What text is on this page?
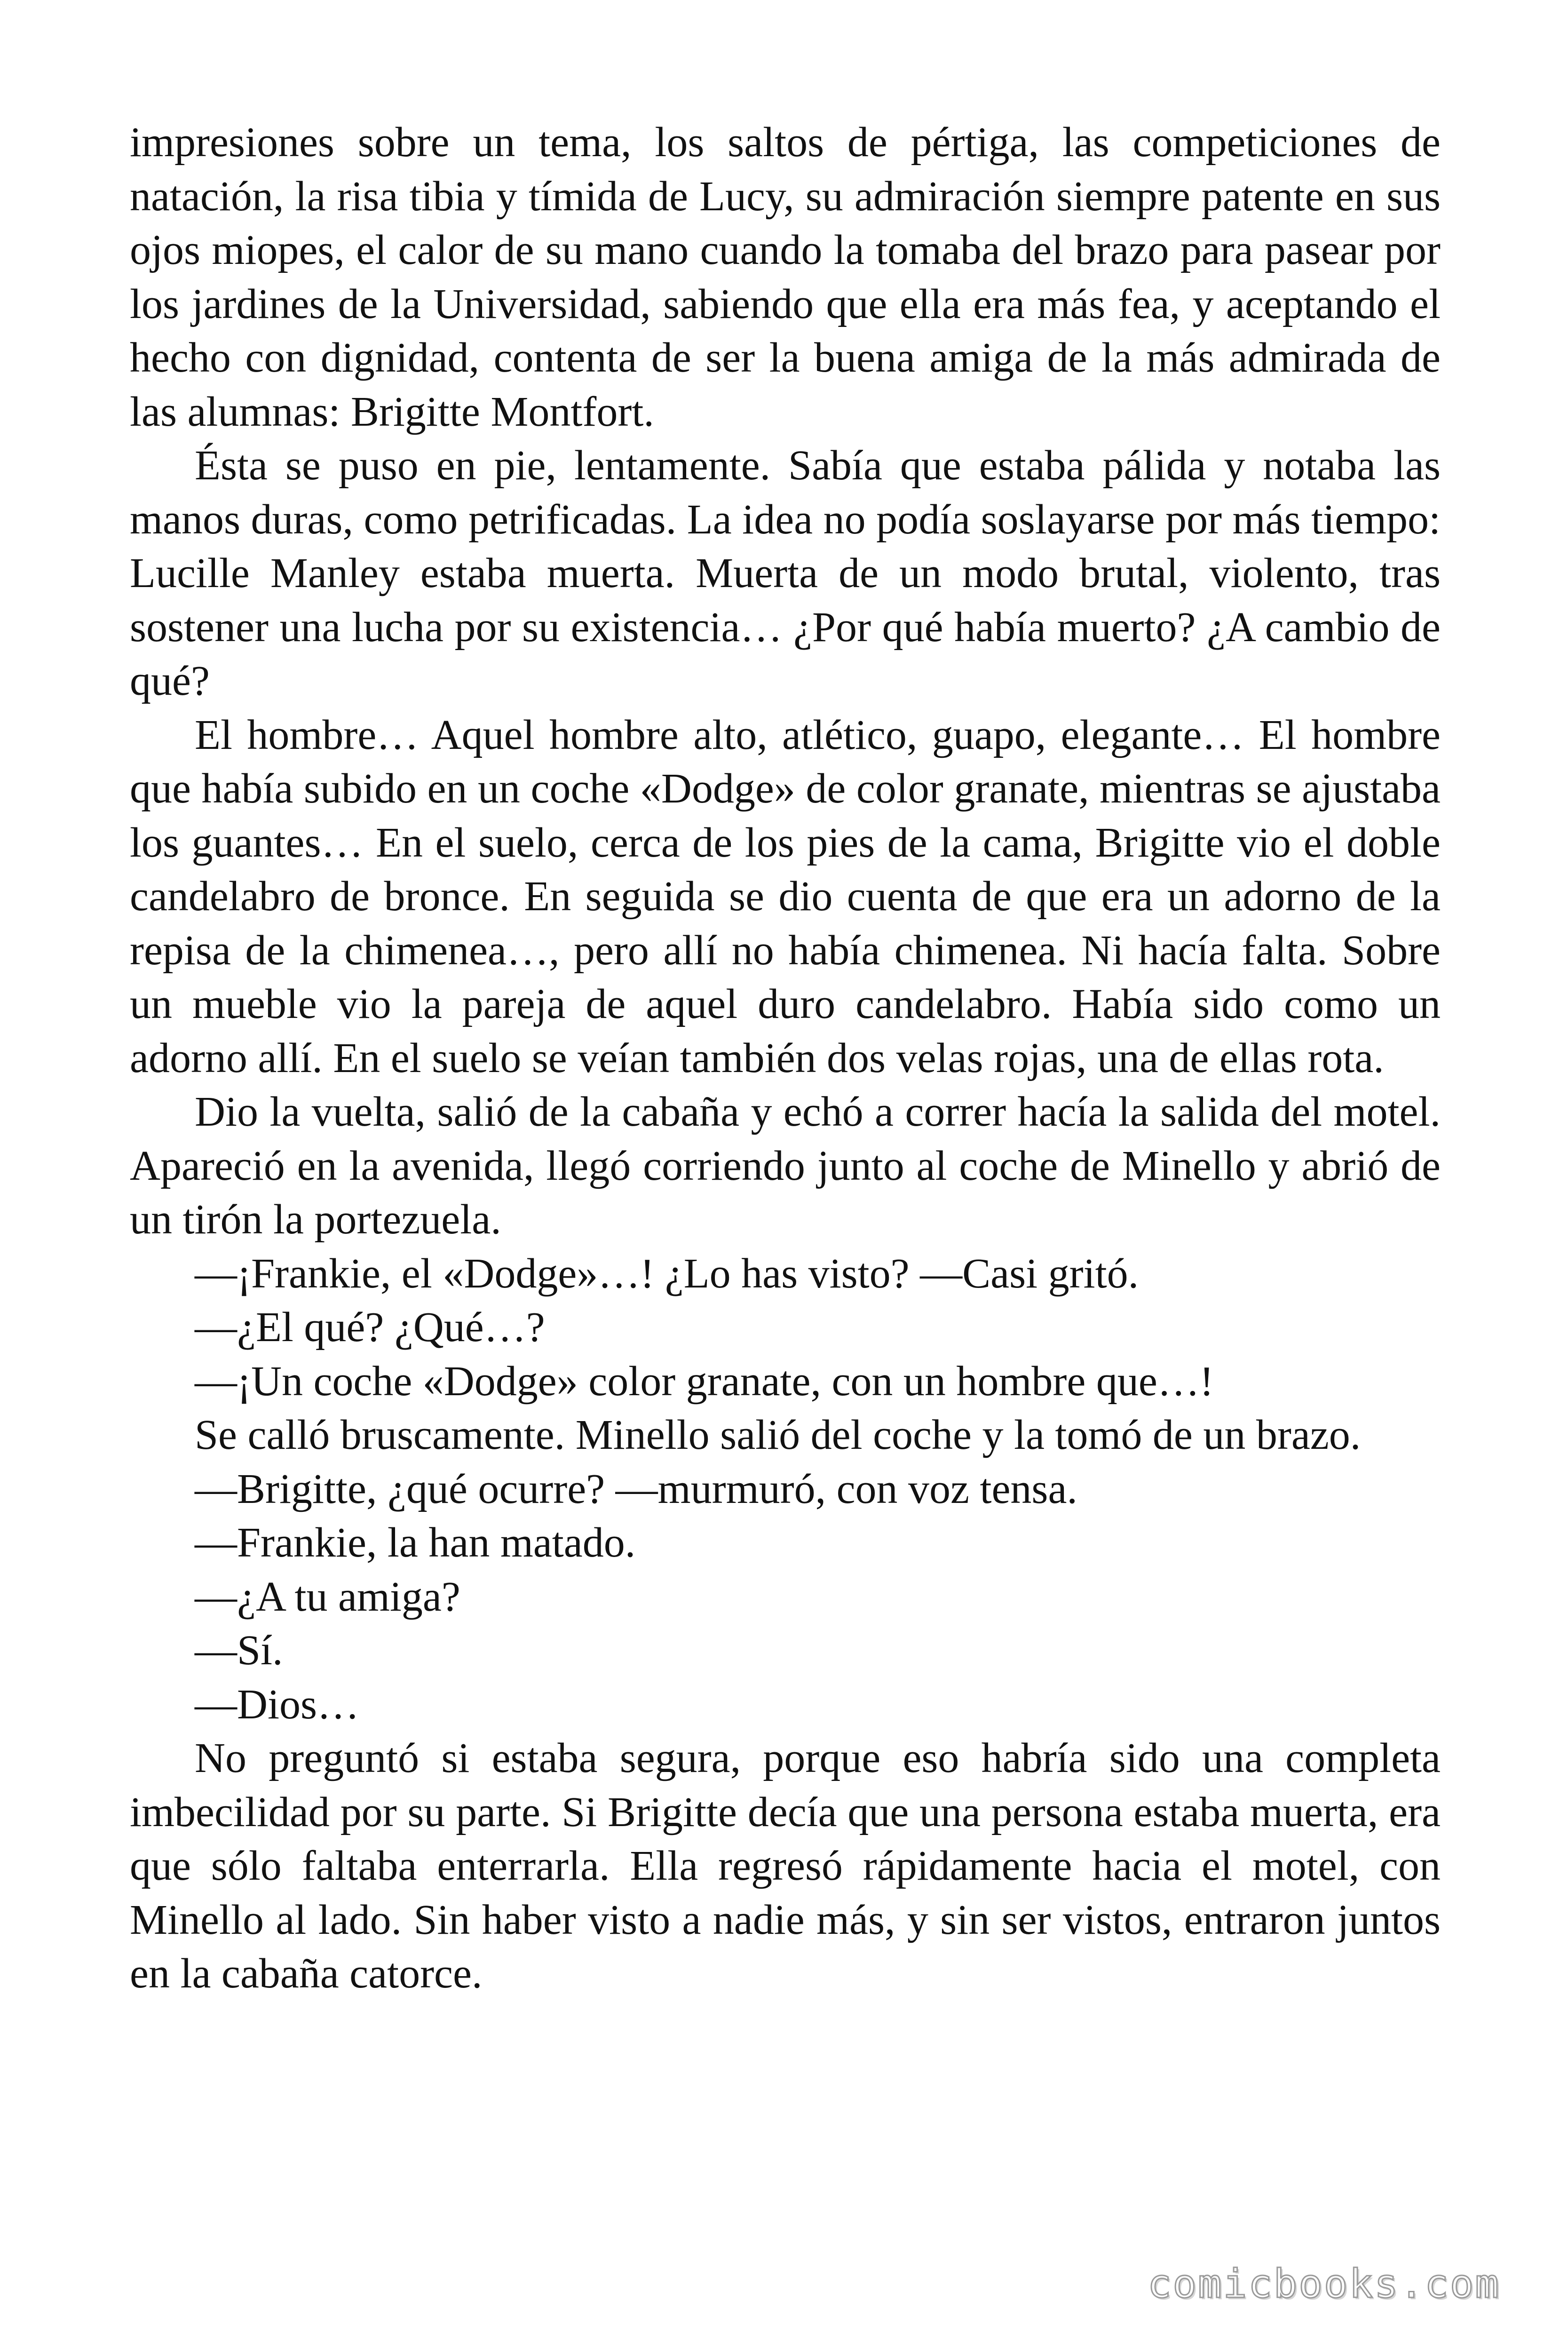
impresiones sobre un tema, los saltos de pértiga, las competiciones de natación, la risa tibia y tímida de Lucy, su admiración siempre patente en sus ojos miopes, el calor de su mano cuando la tomaba del brazo para pasear por los jardines de la Universidad, sabiendo que ella era más fea, y aceptando el hecho con dignidad, contenta de ser la buena amiga de la más admirada de las alumnas: Brigitte Montfort.

Ésta se puso en pie, lentamente. Sabía que estaba pálida y notaba las manos duras, como petrificadas. La idea no podía soslayarse por más tiempo: Lucille Manley estaba muerta. Muerta de un modo brutal, violento, tras sostener una lucha por su existencia… ¿Por qué había muerto? ¿A cambio de qué?

El hombre… Aquel hombre alto, atlético, guapo, elegante… El hombre que había subido en un coche «Dodge» de color granate, mientras se ajustaba los guantes… En el suelo, cerca de los pies de la cama, Brigitte vio el doble candelabro de bronce. En seguida se dio cuenta de que era un adorno de la repisa de la chimenea…, pero allí no había chimenea. Ni hacía falta. Sobre un mueble vio la pareja de aquel duro candelabro. Había sido como un adorno allí. En el suelo se veían también dos velas rojas, una de ellas rota.

Dio la vuelta, salió de la cabaña y echó a correr hacía la salida del motel. Apareció en la avenida, llegó corriendo junto al coche de Minello y abrió de un tirón la portezuela.

—¡Frankie, el «Dodge»…! ¿Lo has visto? —Casi gritó.

—¿El qué? ¿Qué…?

—¡Un coche «Dodge» color granate, con un hombre que…!

Se calló bruscamente. Minello salió del coche y la tomó de un brazo.

—Brigitte, ¿qué ocurre? —murmuró, con voz tensa.

—Frankie, la han matado.

—¿A tu amiga?

—Sí.

—Dios…

No preguntó si estaba segura, porque eso habría sido una completa imbecilidad por su parte. Si Brigitte decía que una persona estaba muerta, era que sólo faltaba enterrarla. Ella regresó rápidamente hacia el motel, con Minello al lado. Sin haber visto a nadie más, y sin ser vistos, entraron juntos en la cabaña catorce.

comicbooks.com
